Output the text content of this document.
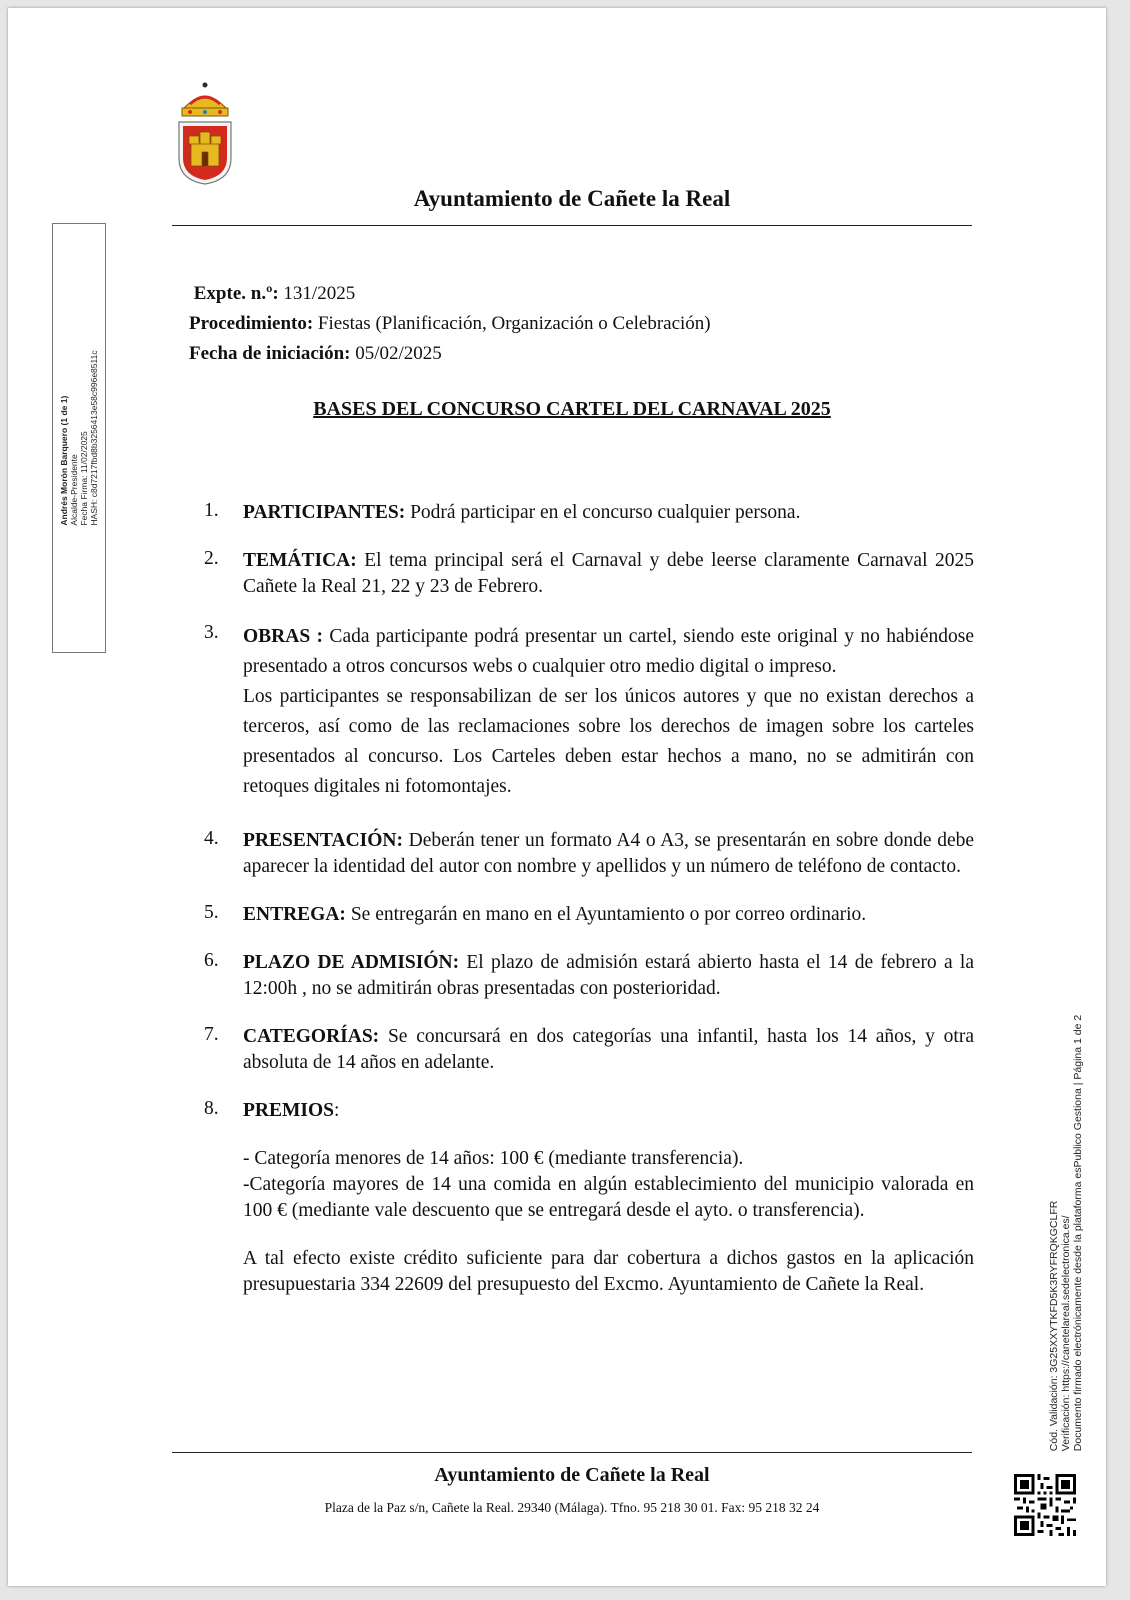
Ayuntamiento de Cañete la Real
Andrés Morón Barquero (1 de 1) Alcalde-Presidente Fecha Firma: 11/02/2025 HASH: c8d7217fbd8b3256413e58c996e8511c
Expte. n.º: 131/2025
Procedimiento: Fiestas (Planificación, Organización o Celebración)
Fecha de iniciación: 05/02/2025
BASES DEL CONCURSO CARTEL DEL CARNAVAL 2025
1.	PARTICIPANTES: Podrá participar en el concurso cualquier persona.
2.	TEMÁTICA: El tema principal será el Carnaval y debe leerse claramente Carnaval 2025 Cañete la Real 21, 22 y 23 de Febrero.
3.	OBRAS : Cada participante podrá presentar un cartel, siendo este original y no habiéndose presentado a otros concursos webs o cualquier otro medio digital o impreso.

Los participantes se responsabilizan de ser los únicos autores y que no existan derechos a terceros, así como de las reclamaciones sobre los derechos de imagen sobre los carteles presentados al concurso. Los Carteles deben estar hechos a mano, no se admitirán con retoques digitales ni fotomontajes.

4.	PRESENTACIÓN: Deberán tener un formato A4 o A3, se presentarán en sobre donde debe aparecer la identidad del autor con nombre y apellidos y un número de teléfono de contacto.
5.	ENTREGA: Se entregarán en mano en el Ayuntamiento o por correo ordinario.
6.	PLAZO DE ADMISIÓN: El plazo de admisión estará abierto hasta el 14 de febrero a la 12:00h , no se admitirán obras presentadas con posterioridad.
7.	CATEGORÍAS: Se concursará en dos categorías una infantil, hasta los 14 años, y otra absoluta de 14 años en adelante.
8.	PREMIOS:

- Categoría menores de 14 años: 100 € (mediante transferencia).

-Categoría mayores de 14 una comida en algún establecimiento del municipio valorada en 100 € (mediante vale descuento que se entregará desde el ayto. o transferencia).

A tal efecto existe crédito suficiente para dar cobertura a dichos gastos en la aplicación presupuestaria 334 22609 del presupuesto del Excmo. Ayuntamiento de Cañete la Real.

Ayuntamiento de Cañete la Real
Plaza de la Paz s/n, Cañete la Real. 29340 (Málaga). Tfno. 95 218 30 01. Fax: 95 218 32 24
Cód. Validación: 3G25XXYTKFD5K3RYFRQKGCLFR Verificación: https://canetelareal.sedelectronica.es/ Documento firmado electrónicamente desde la plataforma esPublico Gestiona | Página 1 de 2
